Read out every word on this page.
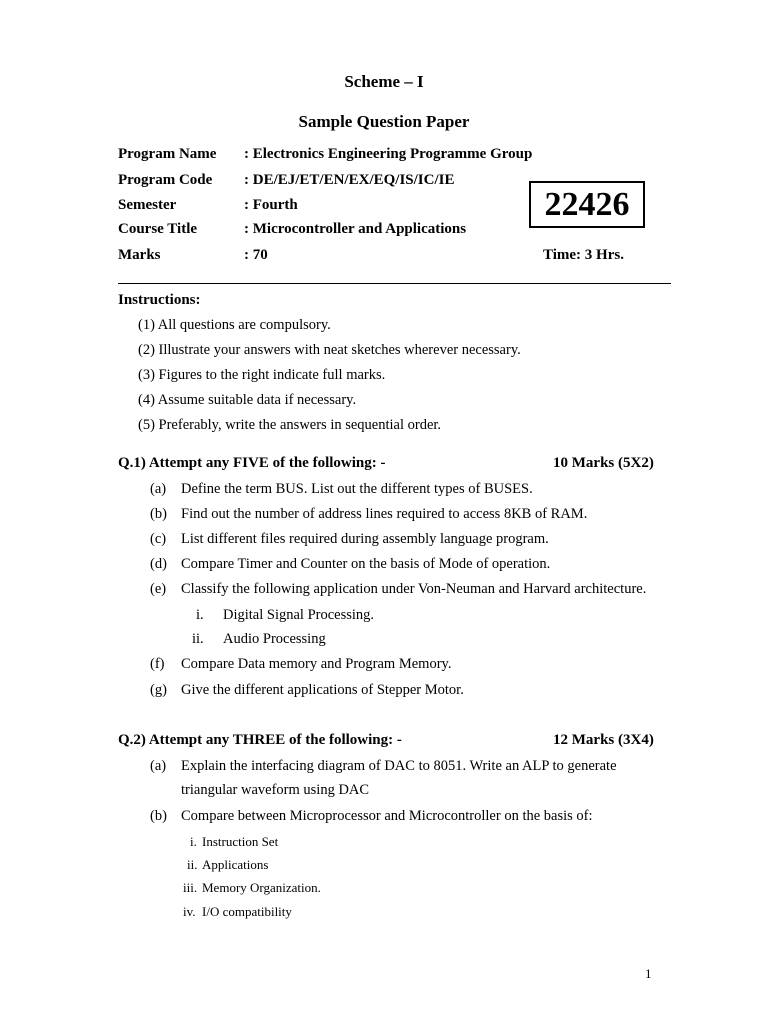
Scheme – I
Sample Question Paper
Program Name : Electronics Engineering Programme Group
Program Code : DE/EJ/ET/EN/EX/EQ/IS/IC/IE
Semester	: Fourth
Course Title	: Microcontroller and Applications
Marks	: 70
22426
Time: 3 Hrs.
Instructions:
(1) All questions are compulsory.
(2) Illustrate your answers with neat sketches wherever necessary.
(3) Figures to the right indicate full marks.
(4) Assume suitable data if necessary.
(5) Preferably, write the answers in sequential order.
Q.1) Attempt any FIVE of the following: -	10 Marks (5X2)
(a) Define the term BUS. List out the different types of BUSES.
(b) Find out the number of address lines required to access 8KB of RAM.
(c) List different files required during assembly language program.
(d) Compare Timer and Counter on the basis of Mode of operation.
(e) Classify the following application under Von-Neuman and Harvard architecture.
i. Digital Signal Processing.
ii. Audio Processing
(f) Compare Data memory and Program Memory.
(g) Give the different applications of Stepper Motor.
Q.2) Attempt any THREE of the following: -	12 Marks (3X4)
(a) Explain the interfacing diagram of DAC to 8051. Write an ALP to generate
triangular waveform using DAC
(b) Compare between Microprocessor and Microcontroller on the basis of:
i. Instruction Set
ii. Applications
iii. Memory Organization.
iv. I/O compatibility
1
